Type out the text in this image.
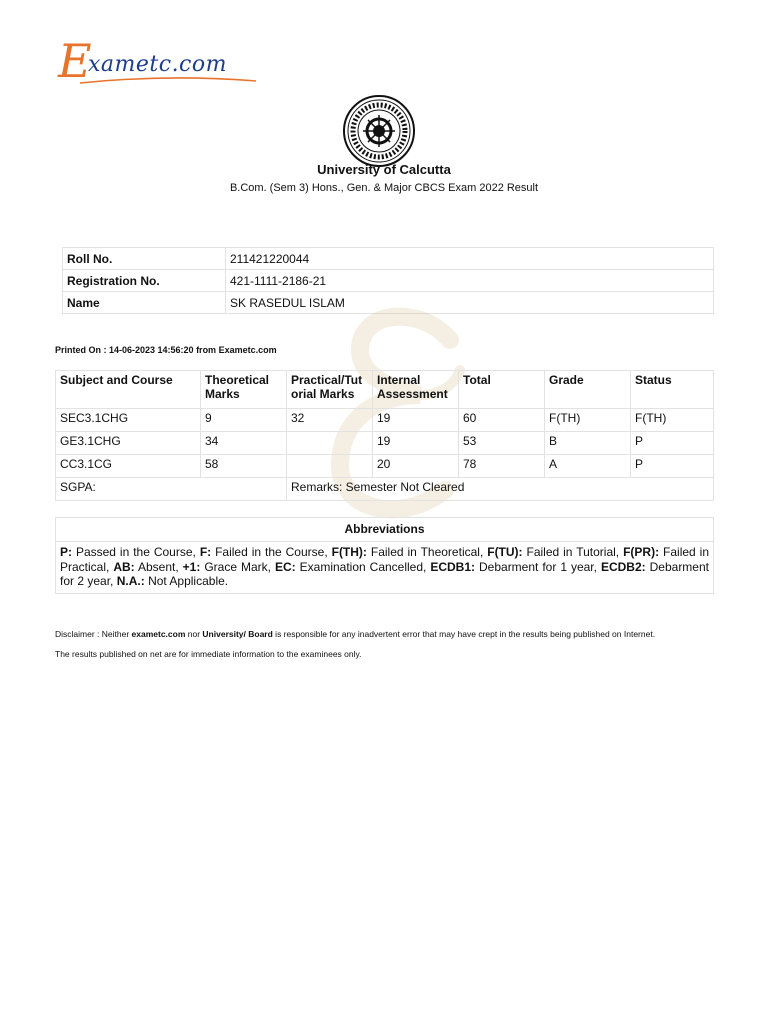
E
xametc.com
University of Calcutta
B.Com. (Sem 3) Hons., Gen. & Major CBCS Exam 2022 Result
Roll No.	211421220044
Registration No.	421-1111-2186-21
Name	SK RASEDUL ISLAM
Printed On : 14-06-2023 14:56:20 from Exametc.com
Subject and Course	Theoretical Marks	Practical/Tut orial Marks	Internal Assessment	Total	Grade	Status
SEC3.1CHG	9	32	19	60	F(TH)	F(TH)
GE3.1CHG	34		19	53	B	P
CC3.1CG	58		20	78	A	P
SGPA:		Remarks: Semester Not Cleared				
Abbreviations
P: Passed in the Course, F: Failed in the Course, F(TH): Failed in Theoretical, F(TU): Failed in Tutorial, F(PR): Failed in Practical, AB: Absent, +1: Grace Mark, EC: Examination Cancelled, ECDB1: Debarment for 1 year, ECDB2: Debarment for 2 year, N.A.: Not Applicable.
Disclaimer : Neither exametc.com nor University/ Board is responsible for any inadvertent error that may have crept in the results being published on Internet.
The results published on net are for immediate information to the examinees only.
